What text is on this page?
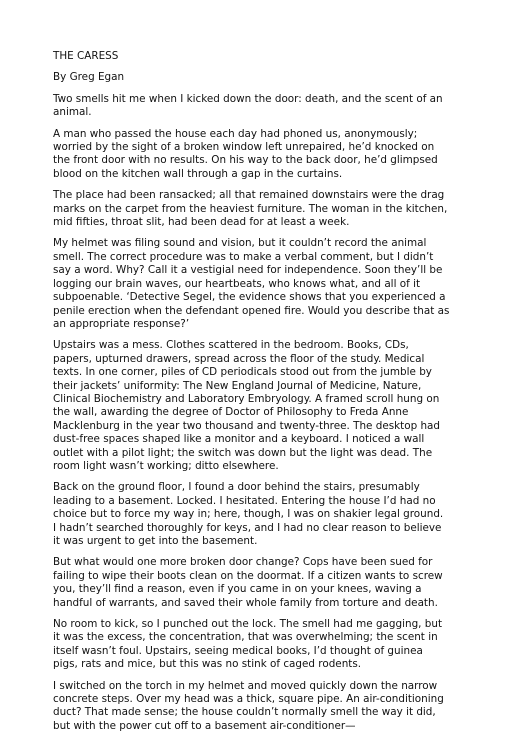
THE CARESS

By Greg Egan

Two smells hit me when I kicked down the door: death, and the scent of an
animal.

A man who passed the house each day had phoned us, anonymously;
worried by the sight of a broken window left unrepaired, he’d knocked on
the front door with no results. On his way to the back door, he’d glimpsed
blood on the kitchen wall through a gap in the curtains.

The place had been ransacked; all that remained downstairs were the drag
marks on the carpet from the heaviest furniture. The woman in the kitchen,
mid fifties, throat slit, had been dead for at least a week.

My helmet was filing sound and vision, but it couldn’t record the animal
smell. The correct procedure was to make a verbal comment, but I didn’t
say a word. Why? Call it a vestigial need for independence. Soon they’ll be
logging our brain waves, our heartbeats, who knows what, and all of it
subpoenable. ‘Detective Segel, the evidence shows that you experienced a
penile erection when the defendant opened fire. Would you describe that as
an appropriate response?’

Upstairs was a mess. Clothes scattered in the bedroom. Books, CDs,
papers, upturned drawers, spread across the floor of the study. Medical
texts. In one corner, piles of CD periodicals stood out from the jumble by
their jackets’ uniformity: The New England Journal of Medicine, Nature,
Clinical Biochemistry and Laboratory Embryology. A framed scroll hung on
the wall, awarding the degree of Doctor of Philosophy to Freda Anne
Macklenburg in the year two thousand and twenty-three. The desktop had
dust-free spaces shaped like a monitor and a keyboard. I noticed a wall
outlet with a pilot light; the switch was down but the light was dead. The
room light wasn’t working; ditto elsewhere.

Back on the ground floor, I found a door behind the stairs, presumably
leading to a basement. Locked. I hesitated. Entering the house I’d had no
choice but to force my way in; here, though, I was on shakier legal ground.
I hadn’t searched thoroughly for keys, and I had no clear reason to believe
it was urgent to get into the basement.

But what would one more broken door change? Cops have been sued for
failing to wipe their boots clean on the doormat. If a citizen wants to screw
you, they’ll find a reason, even if you came in on your knees, waving a
handful of warrants, and saved their whole family from torture and death.

No room to kick, so I punched out the lock. The smell had me gagging, but
it was the excess, the concentration, that was overwhelming; the scent in
itself wasn’t foul. Upstairs, seeing medical books, I’d thought of guinea
pigs, rats and mice, but this was no stink of caged rodents.

I switched on the torch in my helmet and moved quickly down the narrow
concrete steps. Over my head was a thick, square pipe. An air-conditioning
duct? That made sense; the house couldn’t normally smell the way it did,
but with the power cut off to a basement air-conditioner—
